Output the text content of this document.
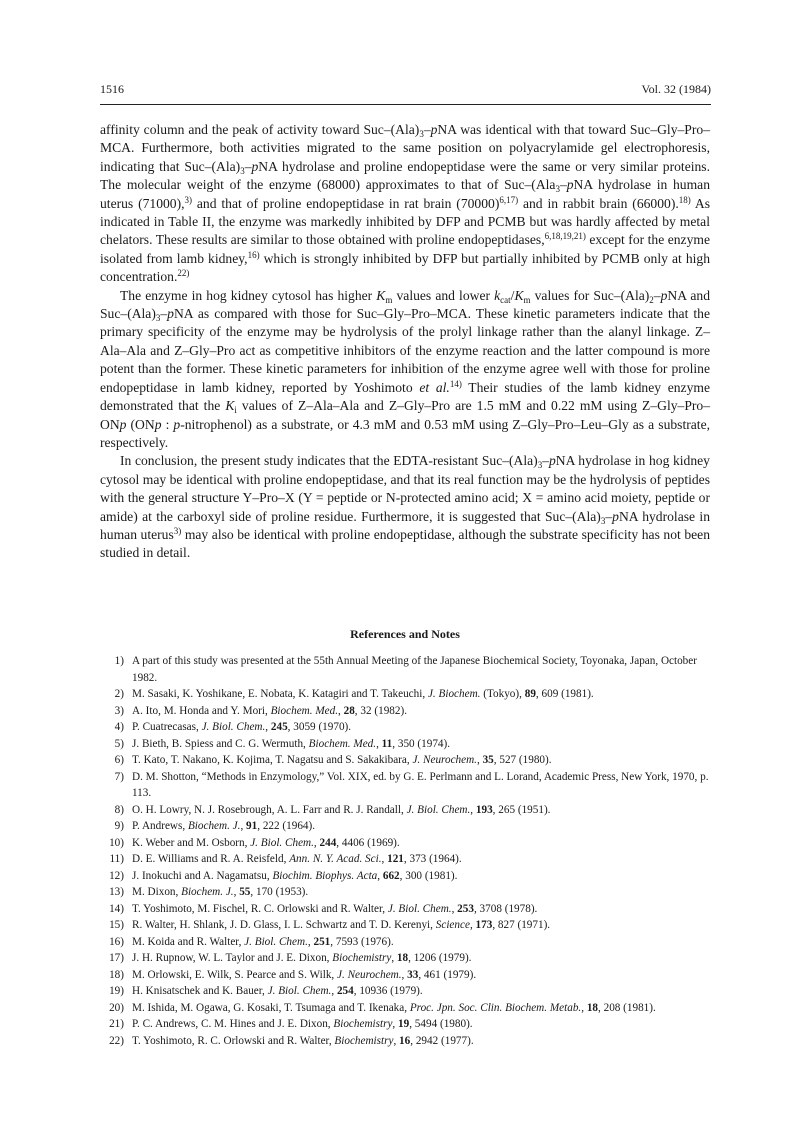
1516	Vol. 32 (1984)

affinity column and the peak of activity toward Suc–$(Ala)_3$–pNA was identical with that toward Suc–Gly–Pro–MCA. Furthermore, both activities migrated to the same position on polyacrylamide gel electrophoresis, indicating that Suc–$(Ala)_3$–pNA hydrolase and proline endopeptidase were the same or very similar proteins. The molecular weight of the enzyme (68000) approximates to that of Suc–(Ala$_3$–pNA hydrolase in human uterus (71000),$^{3)}$ and that of proline endopeptidase in rat brain $(70000)^{6,17)}$ and in rabbit brain (66000).$^{18)}$ As indicated in Table II, the enzyme was markedly inhibited by DFP and PCMB but was hardly affected by metal chelators. These results are similar to those obtained with proline endopeptidases,$^{6,18,19,21)}$ except for the enzyme isolated from lamb kidney,$^{16)}$ which is strongly inhibited by DFP but partially inhibited by PCMB only at high concentration.$^{22)}$

The enzyme in hog kidney cytosol has higher $K_m$ values and lower $k_{cat}/K_m$ values for Suc–$(Ala)_2$–pNA and Suc–$(Ala)_3$–pNA as compared with those for Suc–Gly–Pro–MCA. These kinetic parameters indicate that the primary specificity of the enzyme may be hydrolysis of the prolyl linkage rather than the alanyl linkage. Z–Ala–Ala and Z–Gly–Pro act as competitive inhibitors of the enzyme reaction and the latter compound is more potent than the former. These kinetic parameters for inhibition of the enzyme agree well with those for proline endopeptidase in lamb kidney, reported by Yoshimoto et al.$^{14)}$ Their studies of the lamb kidney enzyme demonstrated that the $K_i$ values of Z–Ala–Ala and Z–Gly–Pro are 1.5 mM and 0.22 mM using Z–Gly–Pro–ONp (ONp : p-nitrophenol) as a substrate, or 4.3 mM and 0.53 mM using Z–Gly–Pro–Leu–Gly as a substrate, respectively.

In conclusion, the present study indicates that the EDTA-resistant Suc–$(Ala)_3$–pNA hydrolase in hog kidney cytosol may be identical with proline endopeptidase, and that its real function may be the hydrolysis of peptides with the general structure Y–Pro–X (Y = peptide or N-protected amino acid; X = amino acid moiety, peptide or amide) at the carboxyl side of proline residue. Furthermore, it is suggested that Suc–$(Ala)_3$–pNA hydrolase in human uterus$^{3)}$ may also be identical with proline endopeptidase, although the substrate specificity has not been studied in detail.

References and Notes
1) A part of this study was presented at the 55th Annual Meeting of the Japanese Biochemical Society, Toyonaka, Japan, October 1982.
2) M. Sasaki, K. Yoshikane, E. Nobata, K. Katagiri and T. Takeuchi, J. Biochem. (Tokyo), 89, 609 (1981).
3) A. Ito, M. Honda and Y. Mori, Biochem. Med., 28, 32 (1982).
4) P. Cuatrecasas, J. Biol. Chem., 245, 3059 (1970).
5) J. Bieth, B. Spiess and C. G. Wermuth, Biochem. Med., 11, 350 (1974).
6) T. Kato, T. Nakano, K. Kojima, T. Nagatsu and S. Sakakibara, J. Neurochem., 35, 527 (1980).
7) D. M. Shotton, “Methods in Enzymology,” Vol. XIX, ed. by G. E. Perlmann and L. Lorand, Academic Press, New York, 1970, p. 113.
8) O. H. Lowry, N. J. Rosebrough, A. L. Farr and R. J. Randall, J. Biol. Chem., 193, 265 (1951).
9) P. Andrews, Biochem. J., 91, 222 (1964).
10) K. Weber and M. Osborn, J. Biol. Chem., 244, 4406 (1969).
11) D. E. Williams and R. A. Reisfeld, Ann. N. Y. Acad. Sci., 121, 373 (1964).
12) J. Inokuchi and A. Nagamatsu, Biochim. Biophys. Acta, 662, 300 (1981).
13) M. Dixon, Biochem. J., 55, 170 (1953).
14) T. Yoshimoto, M. Fischel, R. C. Orlowski and R. Walter, J. Biol. Chem., 253, 3708 (1978).
15) R. Walter, H. Shlank, J. D. Glass, I. L. Schwartz and T. D. Kerenyi, Science, 173, 827 (1971).
16) M. Koida and R. Walter, J. Biol. Chem., 251, 7593 (1976).
17) J. H. Rupnow, W. L. Taylor and J. E. Dixon, Biochemistry, 18, 1206 (1979).
18) M. Orlowski, E. Wilk, S. Pearce and S. Wilk, J. Neurochem., 33, 461 (1979).
19) H. Knisatschek and K. Bauer, J. Biol. Chem., 254, 10936 (1979).
20) M. Ishida, M. Ogawa, G. Kosaki, T. Tsumaga and T. Ikenaka, Proc. Jpn. Soc. Clin. Biochem. Metab., 18, 208 (1981).
21) P. C. Andrews, C. M. Hines and J. E. Dixon, Biochemistry, 19, 5494 (1980).
22) T. Yoshimoto, R. C. Orlowski and R. Walter, Biochemistry, 16, 2942 (1977).
